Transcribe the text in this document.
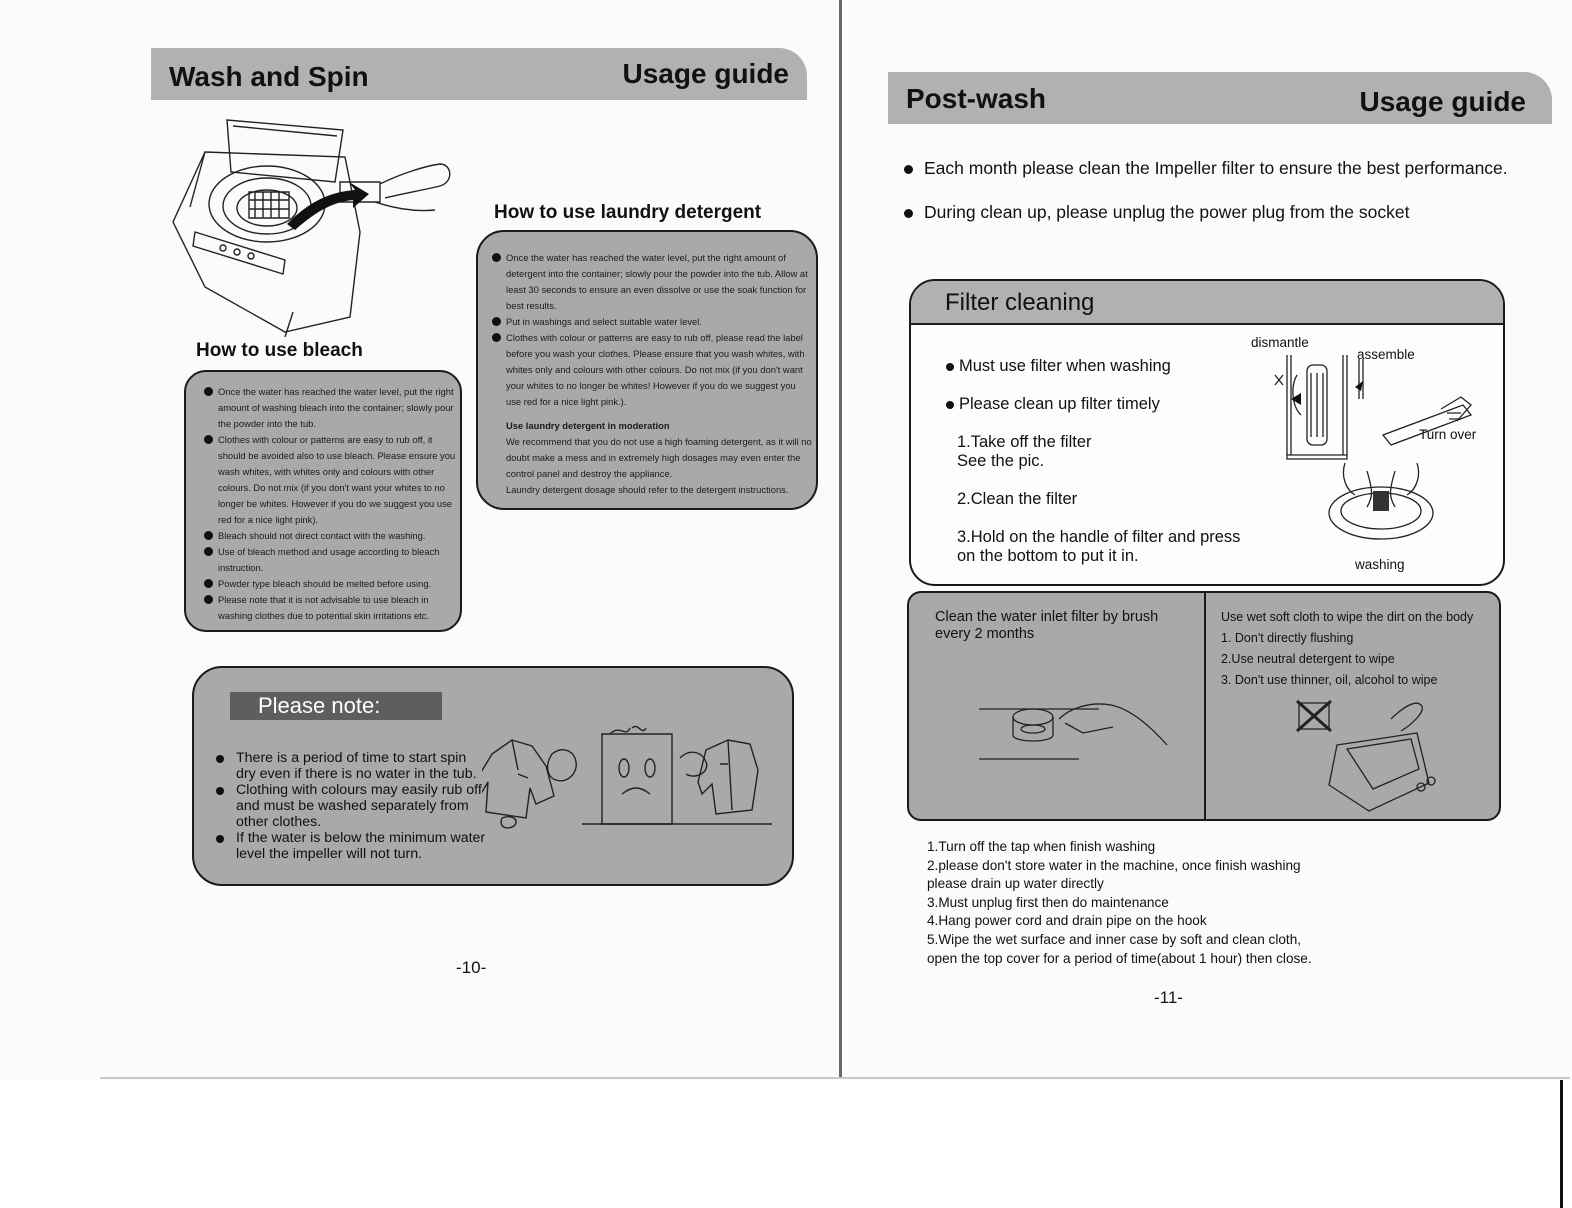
Wash and Spin	Usage guide
How to use bleach
Once the water has reached the water level, put the right amount of washing bleach into the container; slowly pour the powder into the tub.
Clothes with colour or patterns are easy to rub off, it should be avoided also to use bleach. Please ensure you wash whites, with whites only and colours with other colours. Do not mix (if you don't want your whites to no longer be whites. However if you do we suggest you use red for a nice light pink).
Bleach should not direct contact with the washing.
Use of bleach method and usage according to bleach instruction.
Powder type bleach should be melted before using.
Please note that it is not advisable to use bleach in washing clothes due to potential skin irritations etc.
How to use laundry detergent
Once the water has reached the water level, put the right amount of detergent into the container; slowly pour the powder into the tub. Allow at least 30 seconds to ensure an even dissolve or use the soak function for best results.
Put in washings and select suitable water level.
Clothes with colour or patterns are easy to rub off, please read the label before you wash your clothes. Please ensure that you wash whites, with whites only and colours with other colours. Do not mix (if you don't want your whites to no longer be whites! However if you do we suggest you use red for a nice light pink.).
Use laundry detergent in moderation
We recommend that you do not use a high foaming detergent, as it will no doubt make a mess and in extremely high dosages may even enter the control panel and destroy the appliance.
Laundry detergent dosage should refer to the detergent instructions.
Please note:
There is a period of time to start spin dry even if there is no water in the tub.
Clothing with colours may easily rub off and must be washed separately from other clothes.
If the water is below the minimum water level the impeller will not turn.
-10-
Post-wash	Usage guide
Each month please clean the Impeller filter to ensure the best performance.
During clean up, please unplug the power plug from the socket
Filter cleaning
Must use filter when washing
Please clean up filter timely
1.Take off the filter
See the pic.
2.Clean the filter
3.Hold on the handle of filter and press
on the bottom to put it in.
dismantle
assemble
Turn over
washing
Clean the water inlet filter by brush
every 2 months
Use wet soft cloth to wipe the dirt on the body
1. Don't directly flushing
2.Use neutral detergent to wipe
3. Don't use thinner, oil, alcohol to wipe
1.Turn off the tap when finish washing
2.please don't store water in the machine, once finish washing
please drain up water directly
3.Must unplug first then do maintenance
4.Hang power cord and drain pipe on the hook
5.Wipe the wet surface and inner case by soft and clean cloth,
open the top cover for a period of time(about 1 hour) then close.
-11-
